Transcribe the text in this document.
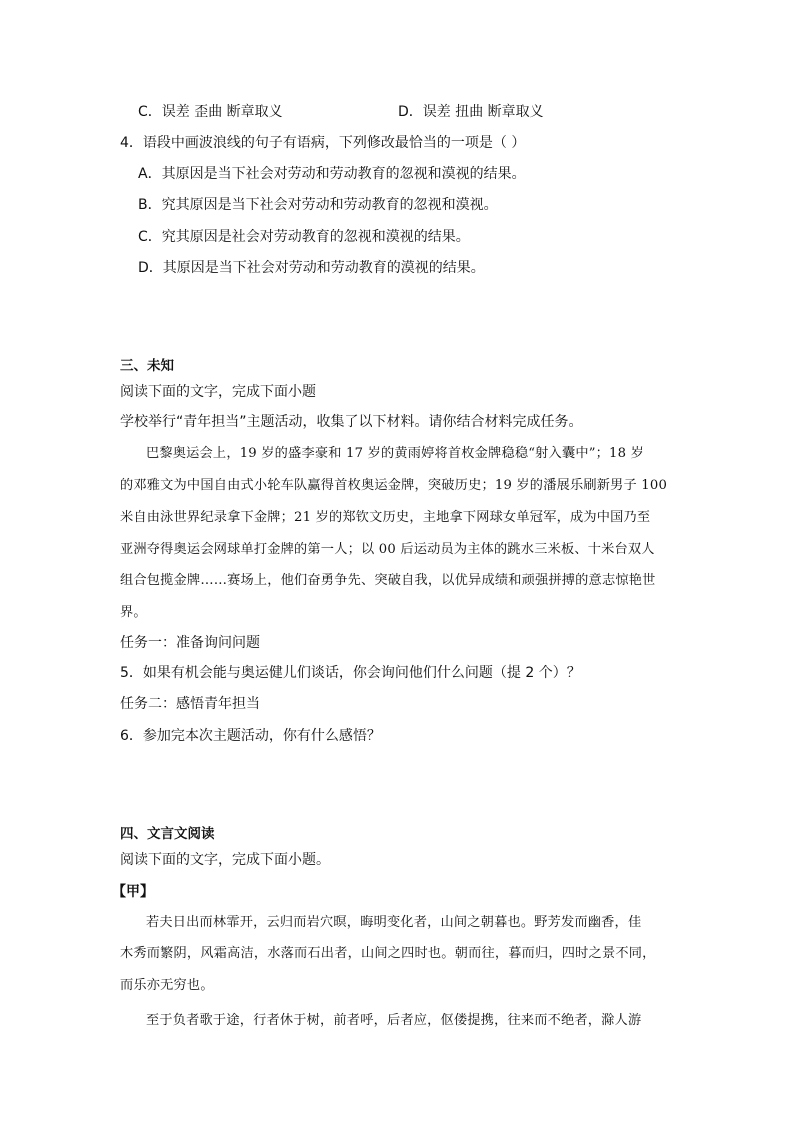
C．误差 歪曲 断章取义	D．误差 扭曲 断章取义
4．语段中画波浪线的句子有语病，下列修改最恰当的一项是（ ）
A．其原因是当下社会对劳动和劳动教育的忽视和漠视的结果。
B．究其原因是当下社会对劳动和劳动教育的忽视和漠视。
C．究其原因是社会对劳动教育的忽视和漠视的结果。
D．其原因是当下社会对劳动和劳动教育的漠视的结果。
三、未知
阅读下面的文字，完成下面小题
学校举行“青年担当”主题活动，收集了以下材料。请你结合材料完成任务。
巴黎奥运会上，19 岁的盛李豪和 17 岁的黄雨婷将首枚金牌稳稳“射入囊中”；18 岁
的邓雅文为中国自由式小轮车队赢得首枚奥运金牌，突破历史；19 岁的潘展乐刷新男子 100
米自由泳世界纪录拿下金牌；21 岁的郑钦文历史，主地拿下网球女单冠军，成为中国乃至
亚洲夺得奥运会网球单打金牌的第一人；以 00 后运动员为主体的跳水三米板、十米台双人
组合包揽金牌……赛场上，他们奋勇争先、突破自我，以优异成绩和顽强拼搏的意志惊艳世
界。
任务一：准备询问问题
5．如果有机会能与奥运健儿们谈话，你会询问他们什么问题（提 2 个）？
任务二：感悟青年担当
6．参加完本次主题活动，你有什么感悟？
四、文言文阅读
阅读下面的文字，完成下面小题。
【甲】
若夫日出而林霏开，云归而岩穴暝，晦明变化者，山间之朝暮也。野芳发而幽香，佳
木秀而繁阴，风霜高洁，水落而石出者，山间之四时也。朝而往，暮而归，四时之景不同，
而乐亦无穷也。
至于负者歌于途，行者休于树，前者呼，后者应，伛偻提携，往来而不绝者，滁人游
